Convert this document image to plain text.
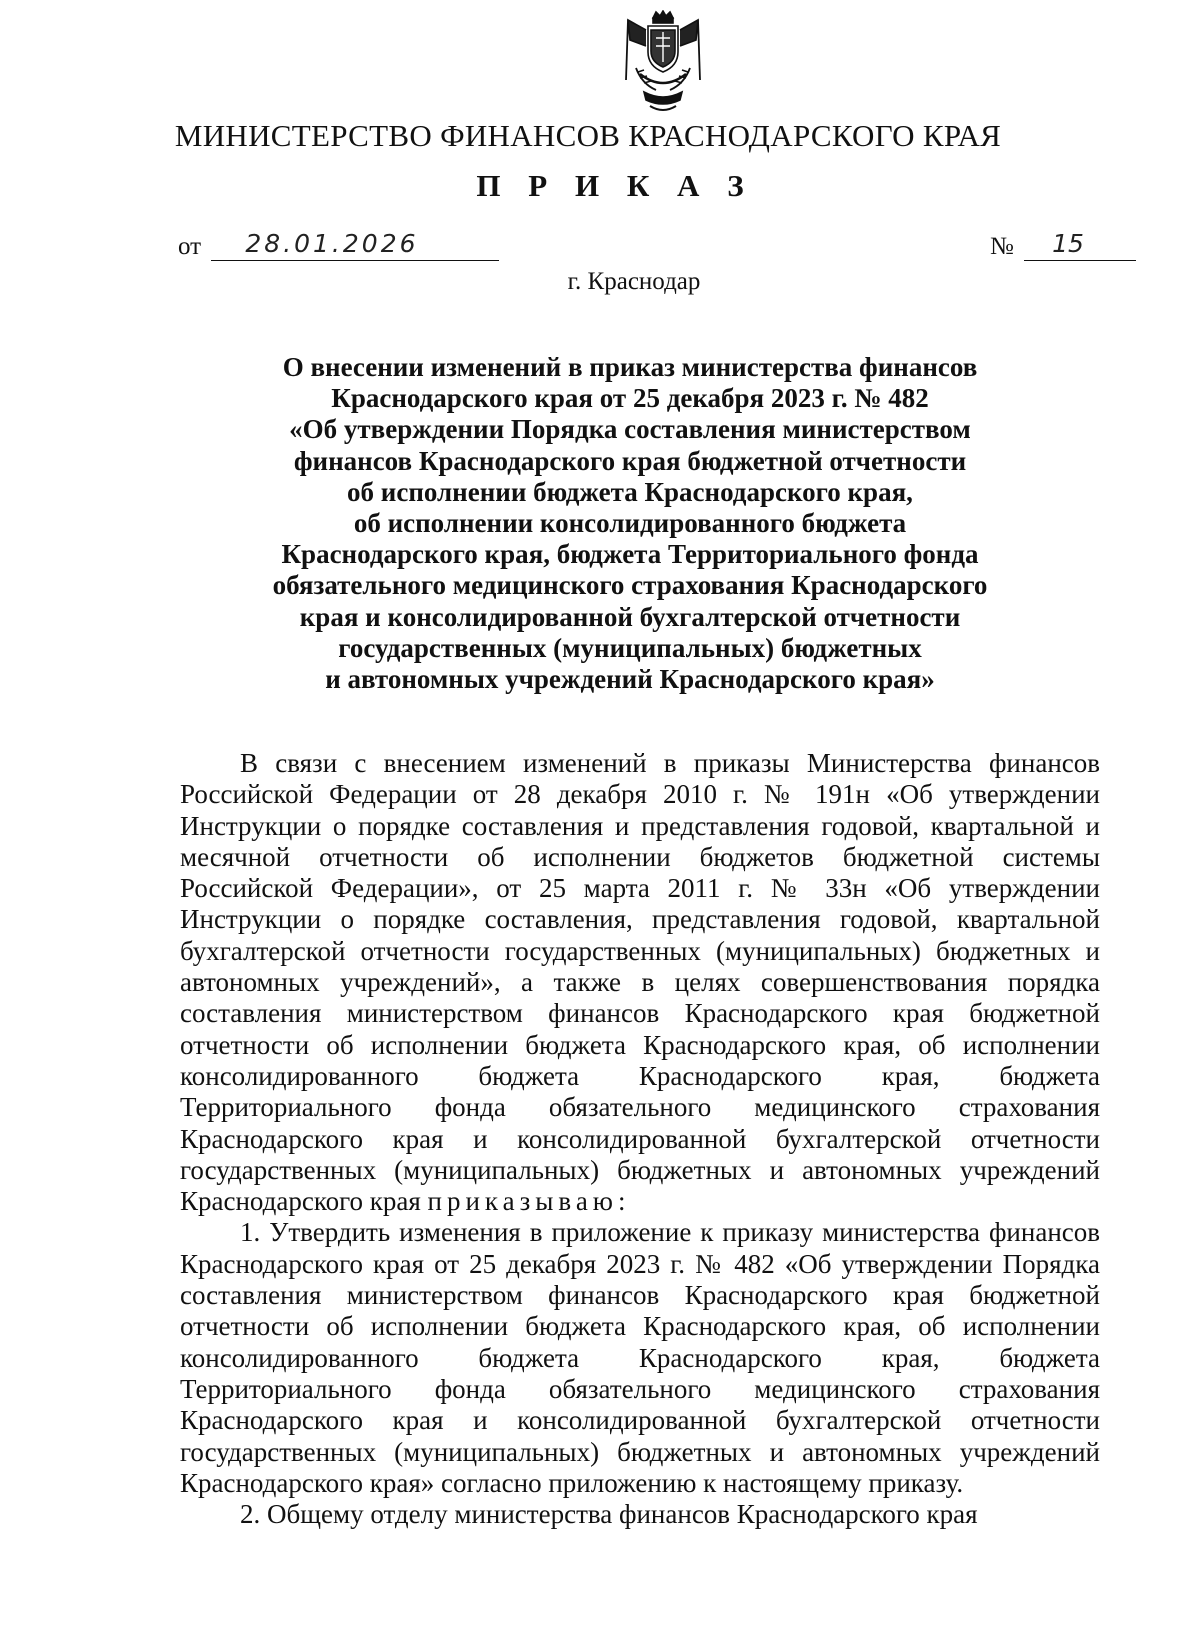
МИНИСТЕРСТВО ФИНАНСОВ КРАСНОДАРСКОГО КРАЯ
П Р И К А З
от 28.01.2026	№ 15
г. Краснодар
О внесении изменений в приказ министерства финансов
Краснодарского края от 25 декабря 2023 г. № 482
«Об утверждении Порядка составления министерством
финансов Краснодарского края бюджетной отчетности
об исполнении бюджета Краснодарского края,
об исполнении консолидированного бюджета
Краснодарского края, бюджета Территориального фонда
обязательного медицинского страхования Краснодарского
края и консолидированной бухгалтерской отчетности
государственных (муниципальных) бюджетных
и автономных учреждений Краснодарского края»

В связи с внесением изменений в приказы Министерства финансов Российской Федерации от 28 декабря 2010 г. № 191н «Об утверждении Инструкции о порядке составления и представления годовой, квартальной и месячной отчетности об исполнении бюджетов бюджетной системы Российской Федерации», от 25 марта 2011 г. № 33н «Об утверждении Инструкции о порядке составления, представления годовой, квартальной бухгалтерской отчетности государственных (муниципальных) бюджетных и автономных учреждений», а также в целях совершенствования порядка составления министерством финансов Краснодарского края бюджетной отчетности об исполнении бюджета Краснодарского края, об исполнении консолидированного бюджета Краснодарского края, бюджета Территориального фонда обязательного медицинского страхования Краснодарского края и консолидированной бухгалтерской отчетности государственных (муниципальных) бюджетных и автономных учреждений Краснодарского края приказываю:

1. Утвердить изменения в приложение к приказу министерства финансов Краснодарского края от 25 декабря 2023 г. № 482 «Об утверждении Порядка составления министерством финансов Краснодарского края бюджетной отчетности об исполнении бюджета Краснодарского края, об исполнении консолидированного бюджета Краснодарского края, бюджета Территориального фонда обязательного медицинского страхования Краснодарского края и консолидированной бухгалтерской отчетности государственных (муниципальных) бюджетных и автономных учреждений Краснодарского края» согласно приложению к настоящему приказу.

2. Общему отделу министерства финансов Краснодарского края
